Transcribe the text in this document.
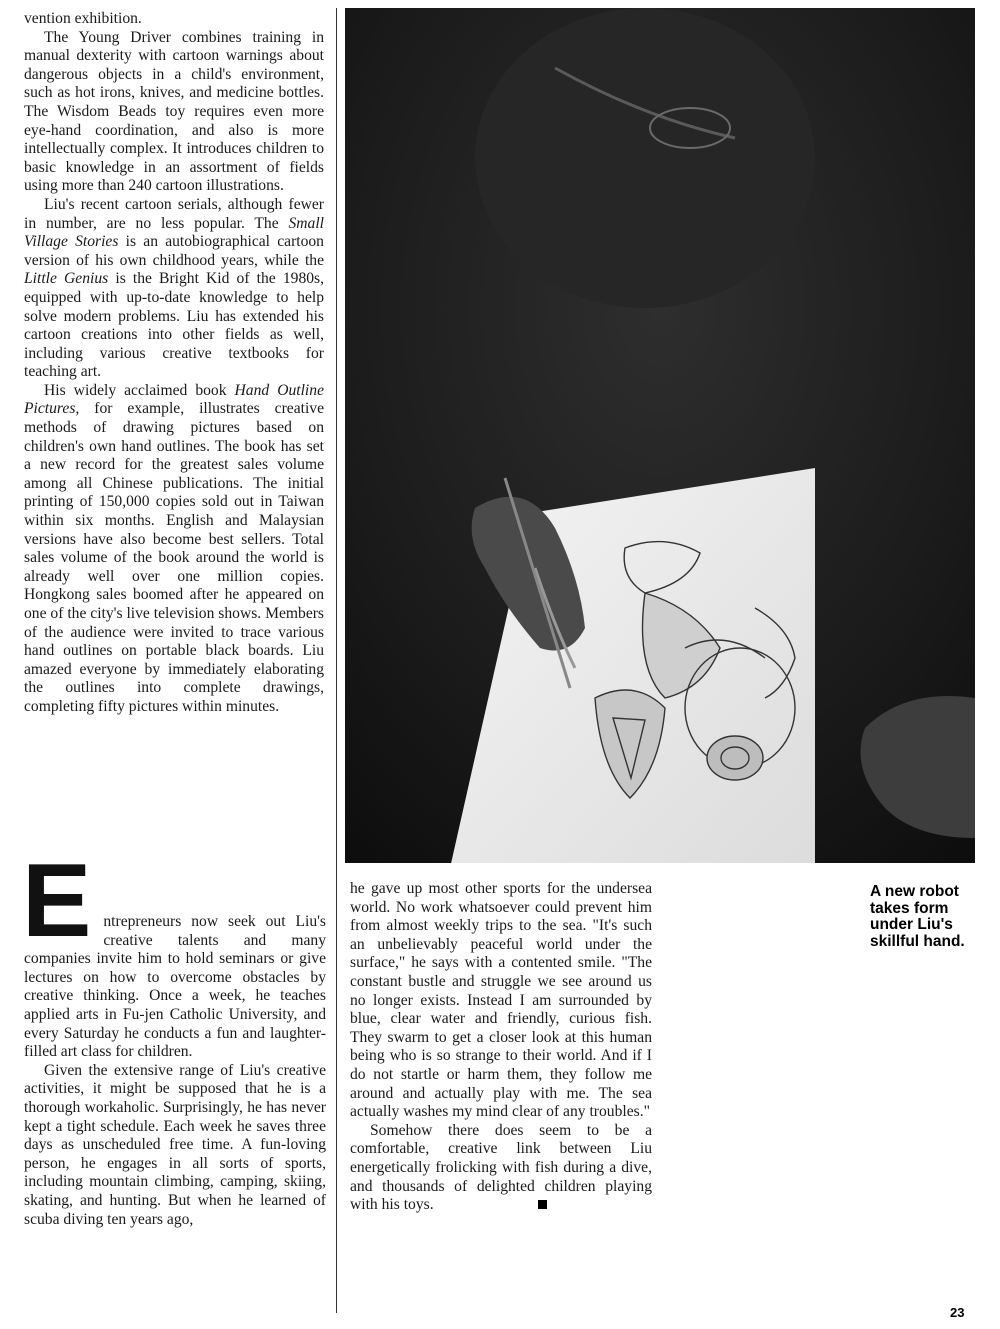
vention exhibition.

The Young Driver combines training in manual dexterity with cartoon warnings about dangerous objects in a child's environment, such as hot irons, knives, and medicine bottles. The Wisdom Beads toy requires even more eye-hand coordination, and also is more intellectually complex. It introduces children to basic knowledge in an assortment of fields using more than 240 cartoon illustrations.

Liu's recent cartoon serials, although fewer in number, are no less popular. The Small Village Stories is an autobiographical cartoon version of his own childhood years, while the Little Genius is the Bright Kid of the 1980s, equipped with up-to-date knowledge to help solve modern problems. Liu has extended his cartoon creations into other fields as well, including various creative textbooks for teaching art.

His widely acclaimed book Hand Outline Pictures, for example, illustrates creative methods of drawing pictures based on children's own hand outlines. The book has set a new record for the greatest sales volume among all Chinese publications. The initial printing of 150,000 copies sold out in Taiwan within six months. English and Malaysian versions have also become best sellers. Total sales volume of the book around the world is already well over one million copies. Hongkong sales boomed after he appeared on one of the city's live television shows. Members of the audience were invited to trace various hand outlines on portable black boards. Liu amazed everyone by immediately elaborating the outlines into complete drawings, completing fifty pictures within minutes.

E ntrepreneurs now seek out Liu's creative talents and many companies invite him to hold seminars or give lectures on how to overcome obstacles by creative thinking. Once a week, he teaches applied arts in Fu-jen Catholic University, and every Saturday he conducts a fun and laughter-filled art class for children.

Given the extensive range of Liu's creative activities, it might be supposed that he is a thorough workaholic. Surprisingly, he has never kept a tight schedule. Each week he saves three days as unscheduled free time. A fun-loving person, he engages in all sorts of sports, including mountain climbing, camping, skiing, skating, and hunting. But when he learned of scuba diving ten years ago,

he gave up most other sports for the undersea world. No work whatsoever could prevent him from almost weekly trips to the sea. "It's such an unbelievably peaceful world under the surface," he says with a contented smile. "The constant bustle and struggle we see around us no longer exists. Instead I am surrounded by blue, clear water and friendly, curious fish. They swarm to get a closer look at this human being who is so strange to their world. And if I do not startle or harm them, they follow me around and actually play with me. The sea actually washes my mind clear of any troubles."

Somehow there does seem to be a comfortable, creative link between Liu energetically frolicking with fish during a dive, and thousands of delighted children playing with his toys.

A new robot takes form under Liu's skillful hand.
23
